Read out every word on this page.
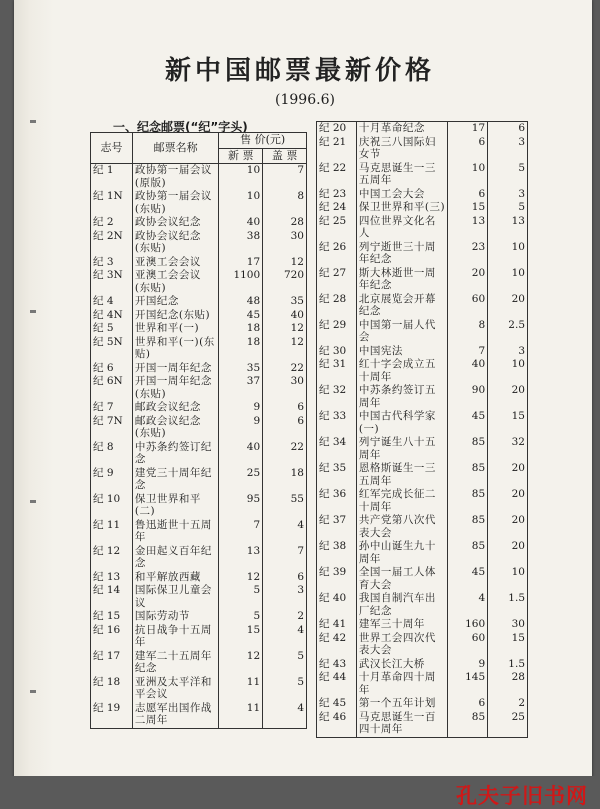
新中国邮票最新价格
(1996.6)
一、纪念邮票(“纪”字头)
志号	邮票名称	售 价(元)	
		新 票	盖 票
纪 1	政协第一届会议(原版)	10	7
纪 1N	政协第一届会议(东贴)	10	8
纪 2	政协会议纪念	40	28
纪 2N	政协会议纪念(东贴)	38	30
纪 3	亚澳工会会议	17	12
纪 3N	亚澳工会会议(东贴)	1100	720
纪 4	开国纪念	48	35
纪 4N	开国纪念(东贴)	45	40
纪 5	世界和平(一)	18	12
纪 5N	世界和平(一)(东贴)	18	12
纪 6	开国一周年纪念	35	22
纪 6N	开国一周年纪念(东贴)	37	30
纪 7	邮政会议纪念	9	6
纪 7N	邮政会议纪念(东贴)	9	6
纪 8	中苏条约签订纪念	40	22
纪 9	建党三十周年纪念	25	18
纪 10	保卫世界和平(二)	95	55
纪 11	鲁迅逝世十五周年	7	4
纪 12	金田起义百年纪念	13	7
纪 13	和平解放西藏	12	6
纪 14	国际保卫儿童会议	5	3
纪 15	国际劳动节	5	2
纪 16	抗日战争十五周年	15	4
纪 17	建军二十五周年纪念	12	5
纪 18	亚洲及太平洋和平会议	11	5
纪 19	志愿军出国作战二周年	11	4
纪 20	十月革命纪念	17	6
纪 21	庆祝三八国际妇女节	6	3
纪 22	马克思诞生一三五周年	10	5
纪 23	中国工会大会	6	3
纪 24	保卫世界和平(三)	15	5
纪 25	四位世界文化名人	13	13
纪 26	列宁逝世三十周年纪念	23	10
纪 27	斯大林逝世一周年纪念	20	10
纪 28	北京展览会开幕纪念	60	20
纪 29	中国第一届人代会	8	2.5
纪 30	中国宪法	7	3
纪 31	红十字会成立五十周年	40	10
纪 32	中苏条约签订五周年	90	20
纪 33	中国古代科学家(一)	45	15
纪 34	列宁诞生八十五周年	85	32
纪 35	恩格斯诞生一三五周年	85	20
纪 36	红军完成长征二十周年	85	20
纪 37	共产党第八次代表大会	85	20
纪 38	孙中山诞生九十周年	85	20
纪 39	全国一届工人体育大会	45	10
纪 40	我国自制汽车出厂纪念	4	1.5
纪 41	建军三十周年	160	30
纪 42	世界工会四次代表大会	60	15
纪 43	武汉长江大桥	9	1.5
纪 44	十月革命四十周年	145	28
纪 45	第一个五年计划	6	2
纪 46	马克思诞生一百四十周年	85	25
孔夫子旧书网
